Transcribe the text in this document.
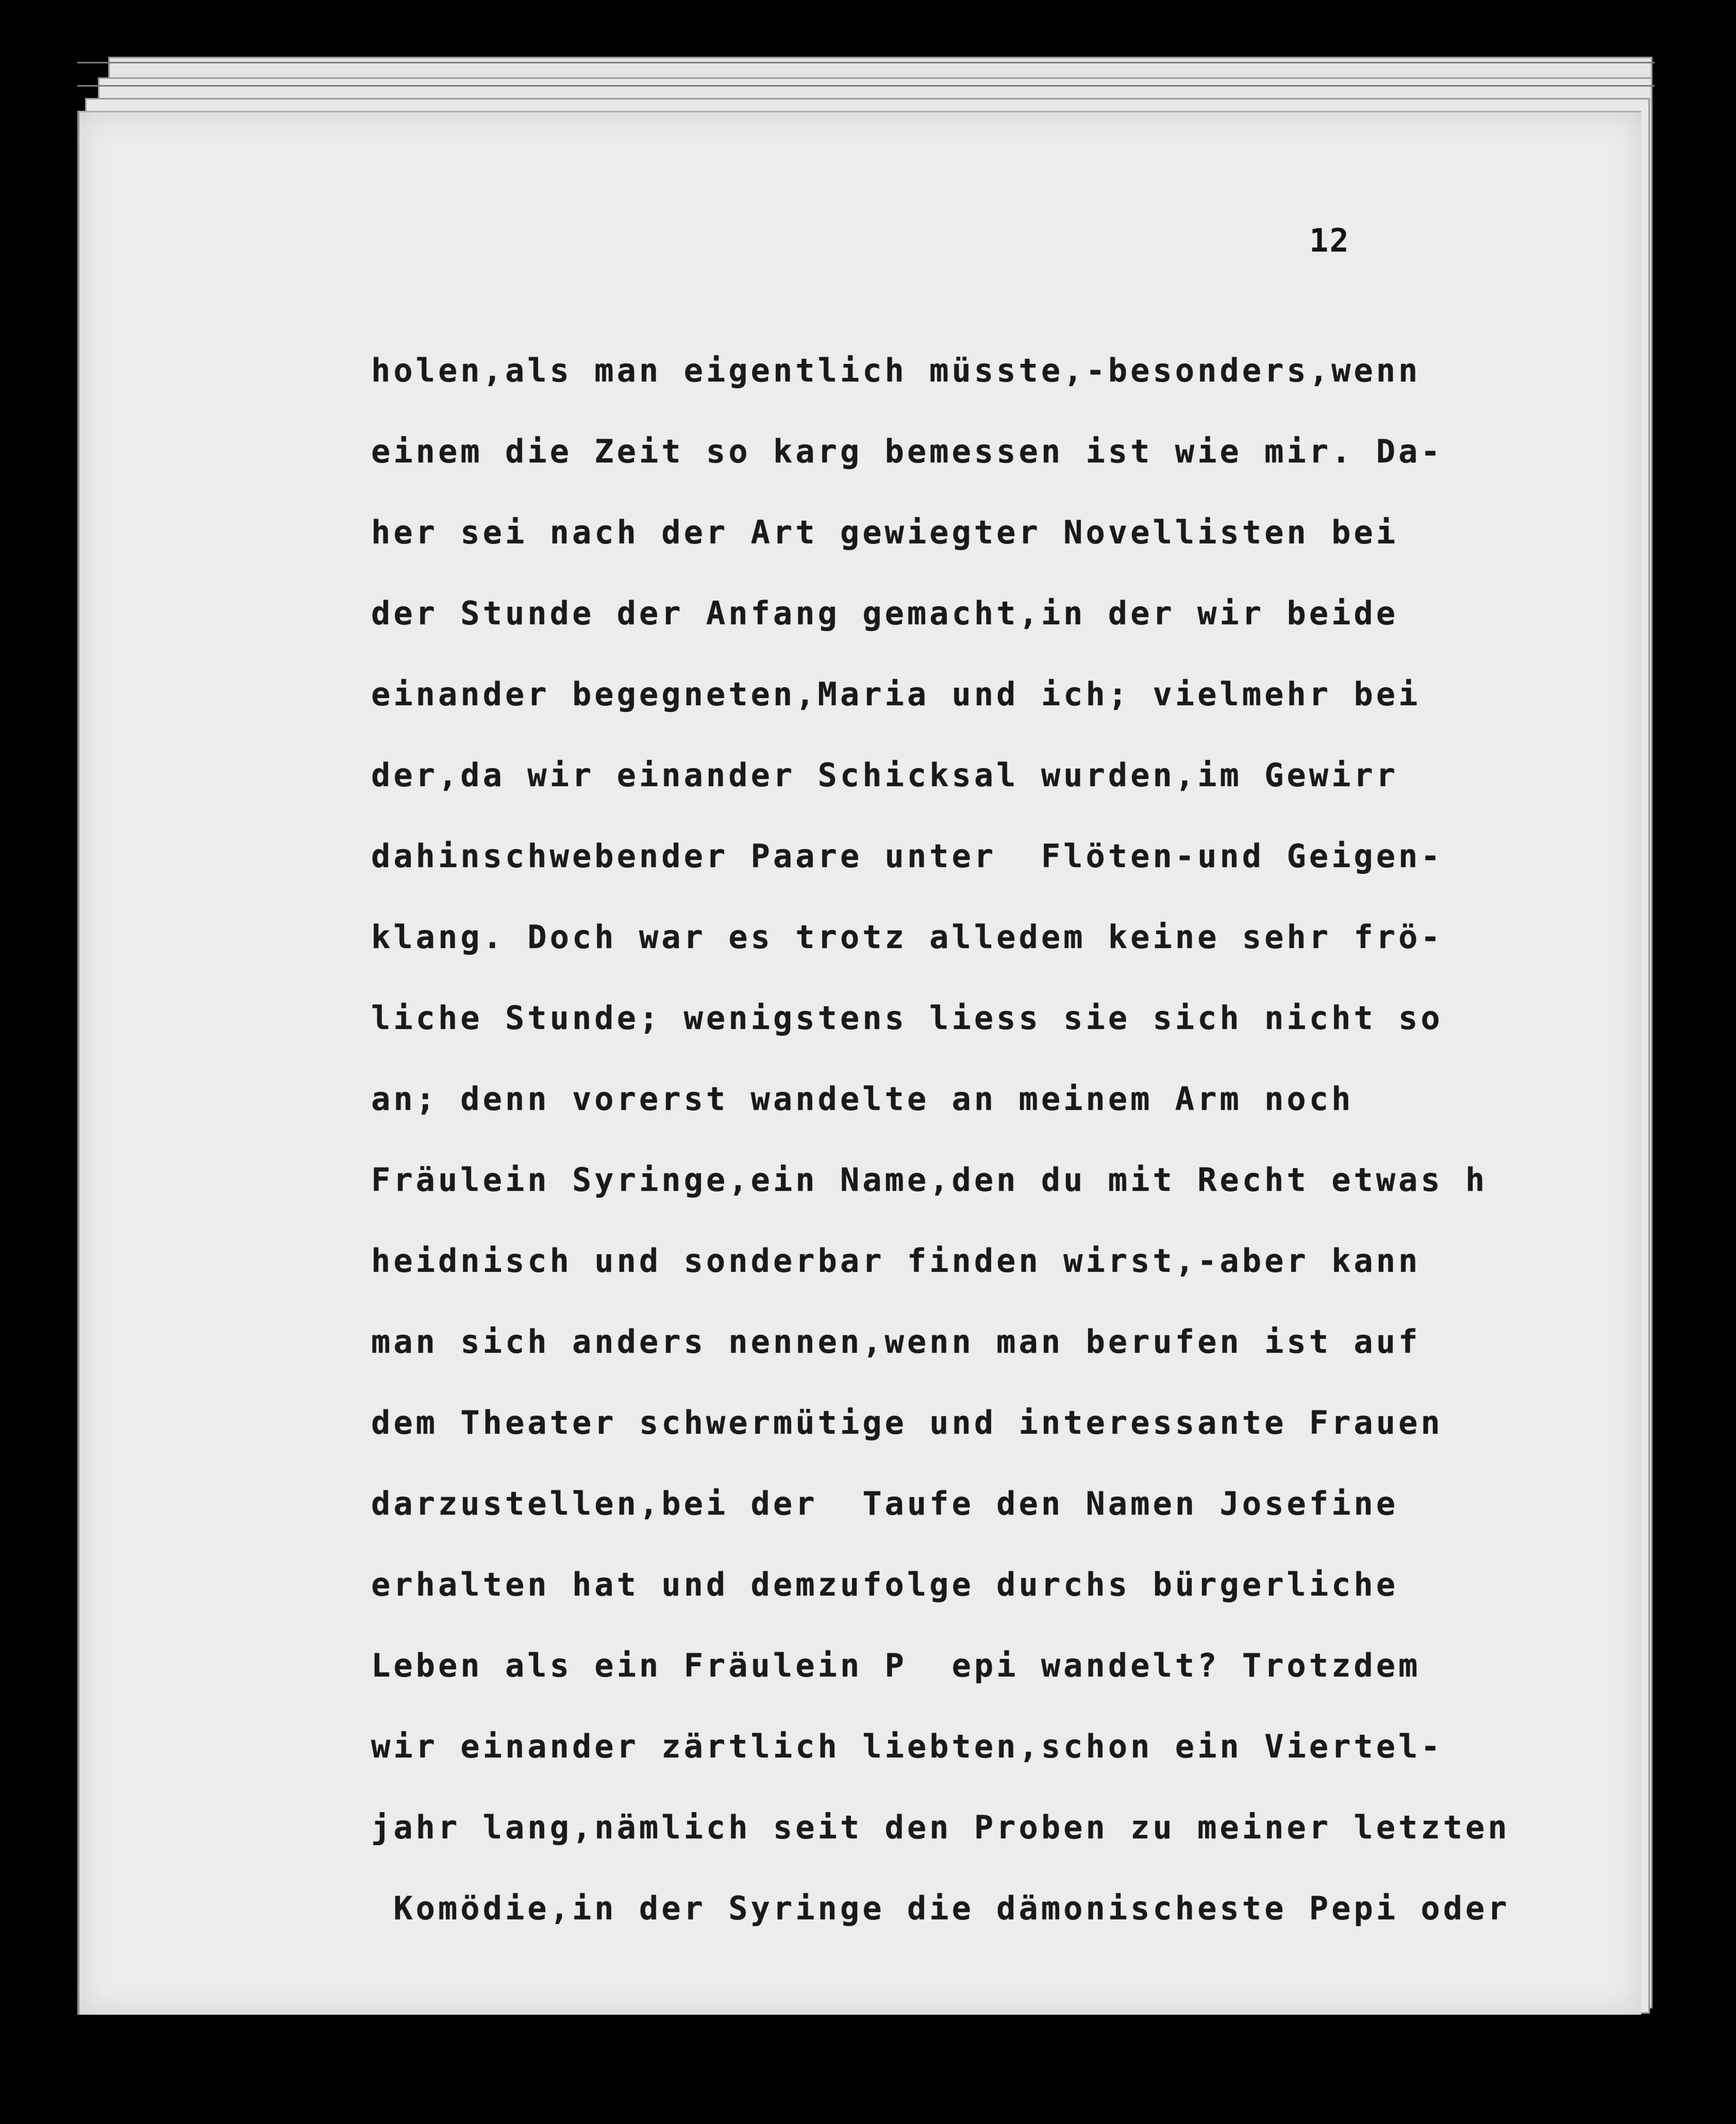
12
holen,als man eigentlich müsste,-besonders,wenn
einem die Zeit so karg bemessen ist wie mir. Da-
her sei nach der Art gewiegter Novellisten bei
der Stunde der Anfang gemacht,in der wir beide
einander begegneten,Maria und ich; vielmehr bei
der,da wir einander Schicksal wurden,im Gewirr
dahinschwebender Paare unter  Flöten-und Geigen-
klang. Doch war es trotz alledem keine sehr frö-
liche Stunde; wenigstens liess sie sich nicht so
an; denn vorerst wandelte an meinem Arm noch
Fräulein Syringe,ein Name,den du mit Recht etwas h
heidnisch und sonderbar finden wirst,-aber kann
man sich anders nennen,wenn man berufen ist auf
dem Theater schwermütige und interessante Frauen
darzustellen,bei der  Taufe den Namen Josefine
erhalten hat und demzufolge durchs bürgerliche
Leben als ein Fräulein P  epi wandelt? Trotzdem
wir einander zärtlich liebten,schon ein Viertel-
jahr lang,nämlich seit den Proben zu meiner letzten
Komödie,in der Syringe die dämonischeste Pepi oder
